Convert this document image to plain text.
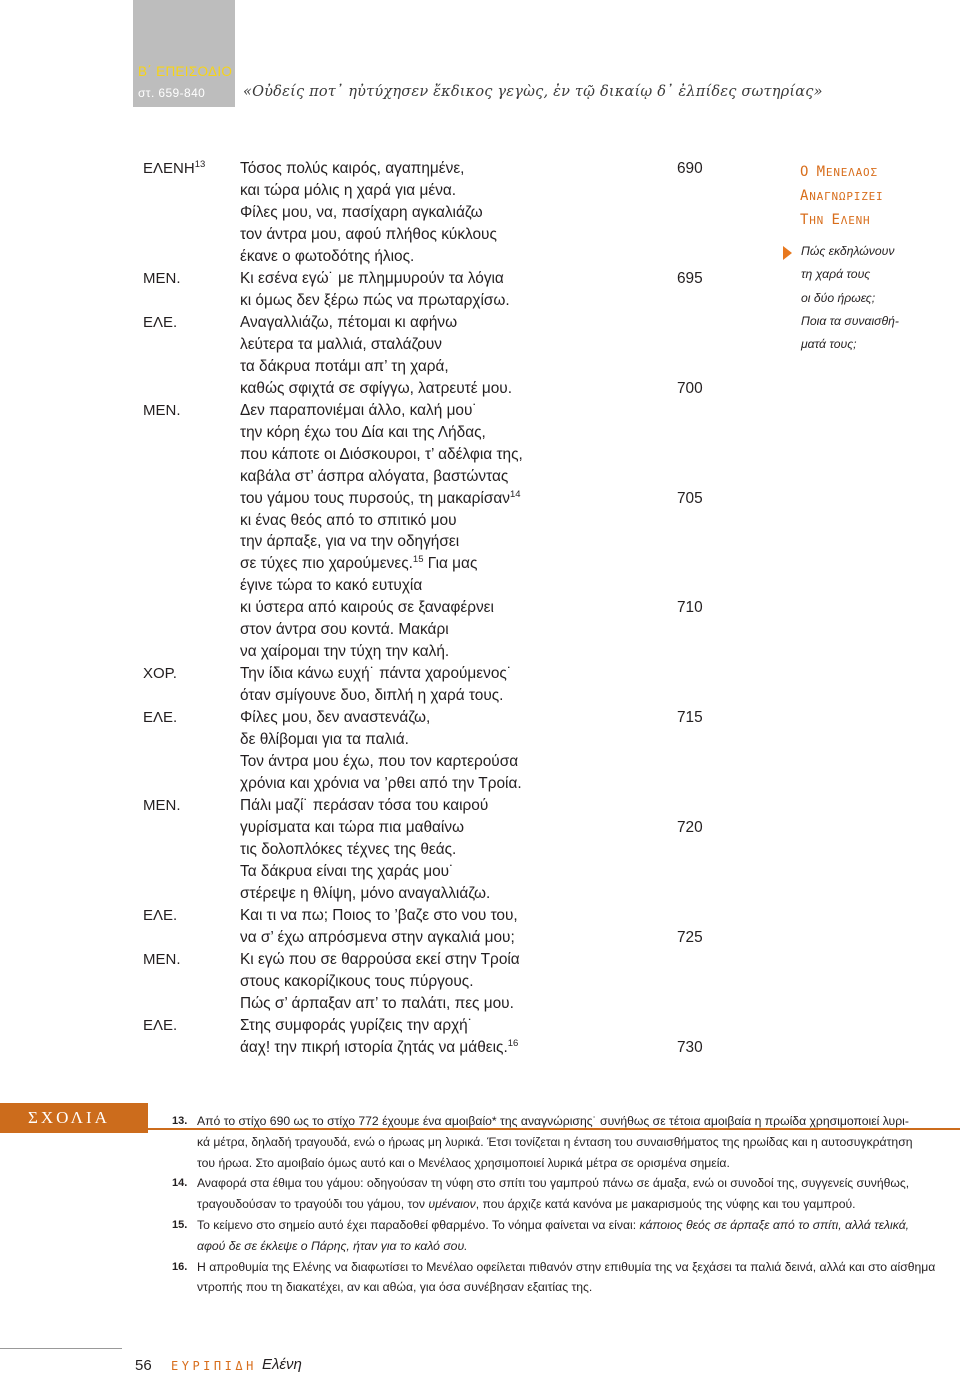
Β΄ ΕΠΕΙΣΟΔΙΟ
στ. 659-840	«Οὐδείς ποτ᾽ ηὐτύχησεν ἔκδικος γεγὼς, ἐν τῷ δικαίῳ δ᾽ ἐλπίδες σωτηρίας»
ΕΛΕΝΗ$^{13}$ Τόσος πολύς καιρός, αγαπημένε,	690
και τώρα μόλις η χαρά για μένα.
Φίλες μου, να, πασίχαρη αγκαλιάζω
τον άντρα μου, αφού πλήθος κύκλους
έκανε ο φωτοδότης ήλιος.
ΜΕΝ.	Κι εσένα εγώ˙ με πλημμυρούν τα λόγια	695
κι όμως δεν ξέρω πώς να πρωταρχίσω.
ΕΛΕ.	Αναγαλλιάζω, πέτομαι κι αφήνω
λεύτερα τα μαλλιά, σταλάζουν
τα δάκρυα ποτάμι απ’ τη χαρά,
καθώς σφιχτά σε σφίγγω, λατρευτέ μου.	700
ΜΕΝ.	Δεν παραπονιέμαι άλλο, καλή μου˙
την κόρη έχω του Δία και της Λήδας,
που κάποτε οι Διόσκουροι, τ’ αδέλφια της,
καβάλα στ’ άσπρα αλόγατα, βαστώντας
του γάμου τους πυρσούς, τη μακαρίσαν$^{14}$	705
κι ένας θεός από το σπιτικό μου
την άρπαξε, για να την οδηγήσει
σε τύχες πιο χαρούμενες.$^{15}$ Για μας
έγινε τώρα το κακό ευτυχία
κι ύστερα από καιρούς σε ξαναφέρνει	710
στον άντρα σου κοντά. Μακάρι
να χαίρομαι την τύχη την καλή.
ΧΟΡ.	Την ίδια κάνω ευχή˙ πάντα χαρούμενος˙
όταν σμίγουνε δυο, διπλή η χαρά τους.
ΕΛΕ.	Φίλες μου, δεν αναστενάζω,	715
δε θλίβομαι για τα παλιά.
Τον άντρα μου έχω, που τον καρτερούσα
χρόνια και χρόνια να ’ρθει από την Τροία.
ΜΕΝ.	Πάλι μαζί˙ περάσαν τόσα του καιρού
γυρίσματα και τώρα πια μαθαίνω	720
τις δολοπλόκες τέχνες της θεάς.
Τα δάκρυα είναι της χαράς μου˙
στέρεψε η θλίψη, μόνο αναγαλλιάζω.
ΕΛΕ.	Και τι να πω; Ποιος το ’βαζε στο νου του,
να σ’ έχω απρόσμενα στην αγκαλιά μου;	725
ΜΕΝ.	Κι εγώ που σε θαρρούσα εκεί στην Τροία
στους κακορίζικους τους πύργους.
Πώς σ’ άρπαξαν απ’ το παλάτι, πες μου.
ΕΛΕ.	Στης συμφοράς γυρίζεις την αρχή˙
άαχ! την πικρή ιστορία ζητάς να μάθεις.$^{16}$	730
Ο ΜΕΝΕΛΑΟΣ
ΑΝΑΓΝΩΡΙΖΕΙ
ΤΗΝ ΕΛΕΝΗ
Πώς εκδηλώνουν
τη χαρά τους
οι δύο ήρωες;
Ποια τα συναισθή-
ματά τους;
ΣΧΟΛΙΑ	13. Από το στίχο 690 ως το στίχο 772 έχουμε ένα αμοιβαίο* της αναγνώρισης˙ συνήθως σε τέτοια αμοιβαία η πρωίδα χρησιμοποιεί λυρι-
κά μέτρα, δηλαδή τραγουδά, ενώ ο ήρωας μη λυρικά. Έτσι τονίζεται η ένταση του συναισθήματος της ηρωίδας και η αυτοσυγκράτηση
του ήρωα. Στο αμοιβαίο όμως αυτό και ο Μενέλαος χρησιμοποιεί λυρικά μέτρα σε ορισμένα σημεία.
14. Αναφορά στα έθιμα του γάμου: οδηγούσαν τη νύφη στο σπίτι του γαμπρού πάνω σε άμαξα, ενώ οι συνοδοί της, συγγενείς συνήθως,
τραγουδούσαν το τραγούδι του γάμου, τον υμέναιον, που άρχιζε κατά κανόνα με μακαρισμούς της νύφης και του γαμπρού.
15. Το κείμενο στο σημείο αυτό έχει παραδοθεί φθαρμένο. Το νόημα φαίνεται να είναι: κάποιος θεός σε άρπαξε από το σπίτι, αλλά τελικά,
αφού δε σε έκλεψε ο Πάρης, ήταν για το καλό σου.
16. Η απροθυμία της Ελένης να διαφωτίσει το Μενέλαο οφείλεται πιθανόν στην επιθυμία της να ξεχάσει τα παλιά δεινά, αλλά και στο αίσθημα
ντροπής που τη διακατέχει, αν και αθώα, για όσα συνέβησαν εξαιτίας της.
56 ΕΥΡΙΠΙΔΗ Ελένη
